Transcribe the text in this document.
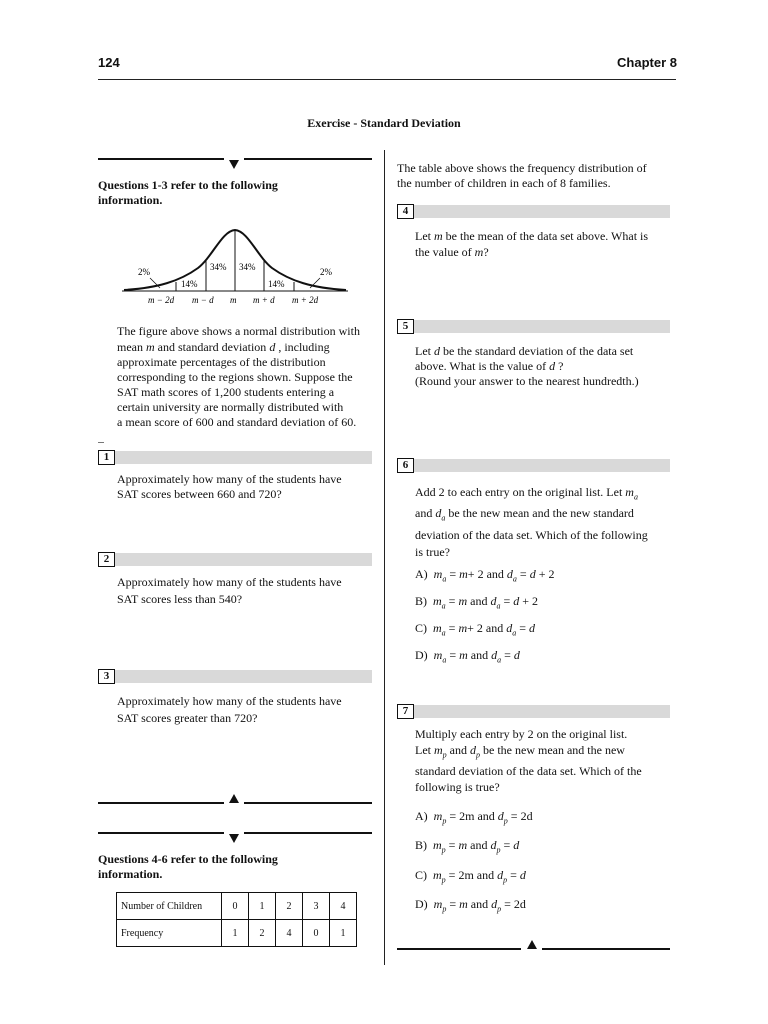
124	Chapter 8
Exercise - Standard Deviation
Questions 1-3 refer to the following information.
2%
14%
34% 34%
14%
2%
m − 2d m − d m m + d m + 2d
The figure above shows a normal distribution with
mean m and standard deviation d , including
approximate percentages of the distribution
corresponding to the regions shown. Suppose the
SAT math scores of 1,200 students entering a
certain university are normally distributed with
a mean score of 600 and standard deviation of 60.
1
Approximately how many of the students have
SAT scores between 660 and 720?
2
Approximately how many of the students have
SAT scores less than 540?
3
Approximately how many of the students have
SAT scores greater than 720?
Questions 4-6 refer to the following information.
Number of Children	0	1	2	3	4
Frequency	1	2	4	0	1
The table above shows the frequency distribution of
the number of children in each of 8 families.
4
Let m be the mean of the data set above. What is
the value of m?
5
Let d be the standard deviation of the data set
above. What is the value of d ?
(Round your answer to the nearest hundredth.)
6
Add 2 to each entry on the original list. Let $m_a$
and $d_a$ be the new mean and the new standard
deviation of the data set. Which of the following
is true?
A) $m_a = m+ 2$ and $d_a = d + 2$
B) $m_a = m$ and $d_a = d + 2$
C) $m_a = m+ 2$ and $d_a = d$
D) $m_a = m$ and $d_a = d$
7
Multiply each entry by 2 on the original list.
Let $m_p$ and $d_p$ be the new mean and the new
standard deviation of the data set. Which of the
following is true?
A) $m_p = 2m$ and $d_p = 2d$
B) $m_p = m$ and $d_p = d$
C) $m_p = 2m$ and $d_p = d$
D) $m_p = m$ and $d_p = 2d$
